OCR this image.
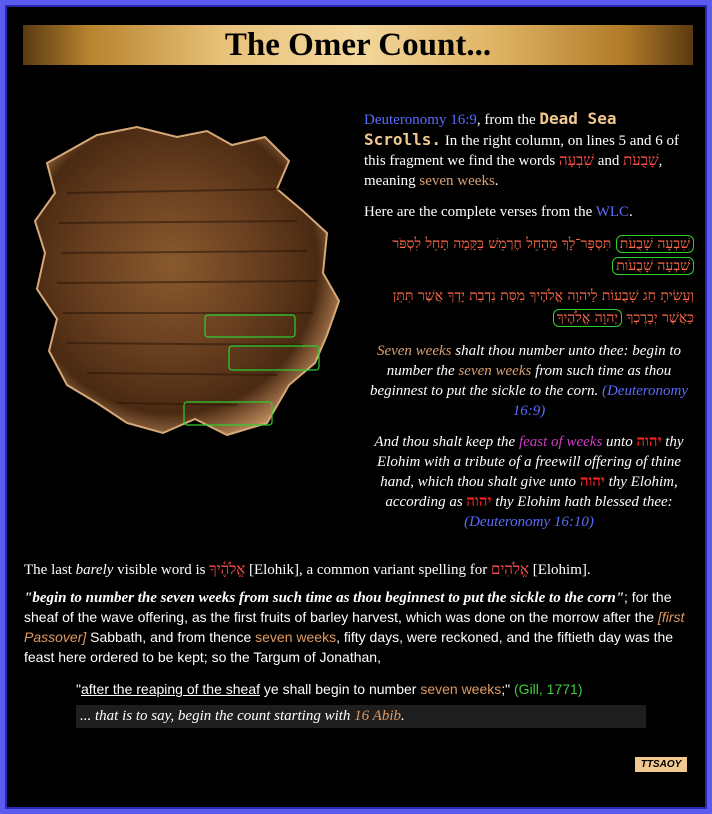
The Omer Count...

Deuteronomy 16:9, from the Dead Sea Scrolls. In the right column, on lines 5 and 6 of this fragment we find the words שִׁבְעָה and שָׁבֻעֹת, meaning seven weeks.

Here are the complete verses from the WLC.

שִׁבְעָה שָׁבֻעֹת תִּסְפָּר־לָךְ מֵהָחֵל חֶרְמֵשׁ בַּקָּמָה תָּחֵל לִסְפֹּר שִׁבְעָה שָׁבֻעֹות
וְעָשִׂיתָ חַג שָׁבֻעוֹת לַיהוָה אֱלֹהֶיךָ מִסַּת נִדְבַת יָדְךָ אֲשֶׁר תִּתֵּן כַּאֲשֶׁר יְבָרֶכְךָ יְהוָה אֱלֹהֶיךָ

Seven weeks shalt thou number unto thee: begin to number the seven weeks from such time as thou beginnest to put the sickle to the corn. (Deuteronomy 16:9)

And thou shalt keep the feast of weeks unto יהוה thy Elohim with a tribute of a freewill offering of thine hand, which thou shalt give unto יהוה thy Elohim, according as יהוה thy Elohim hath blessed thee: (Deuteronomy 16:10)

The last barely visible word is אֱלֹהֶ֫יךָ [Elohik], a common variant spelling for אֱלֹהִים [Elohim].

"begin to number the seven weeks from such time as thou beginnest to put the sickle to the corn"; for the sheaf of the wave offering, as the first fruits of barley harvest, which was done on the morrow after the [first Passover] Sabbath, and from thence seven weeks, fifty days, were reckoned, and the fiftieth day was the feast here ordered to be kept; so the Targum of Jonathan,

"after the reaping of the sheaf ye shall begin to number seven weeks;" (Gill, 1771)
... that is to say, begin the count starting with 16 Abib.
TTSAOY
